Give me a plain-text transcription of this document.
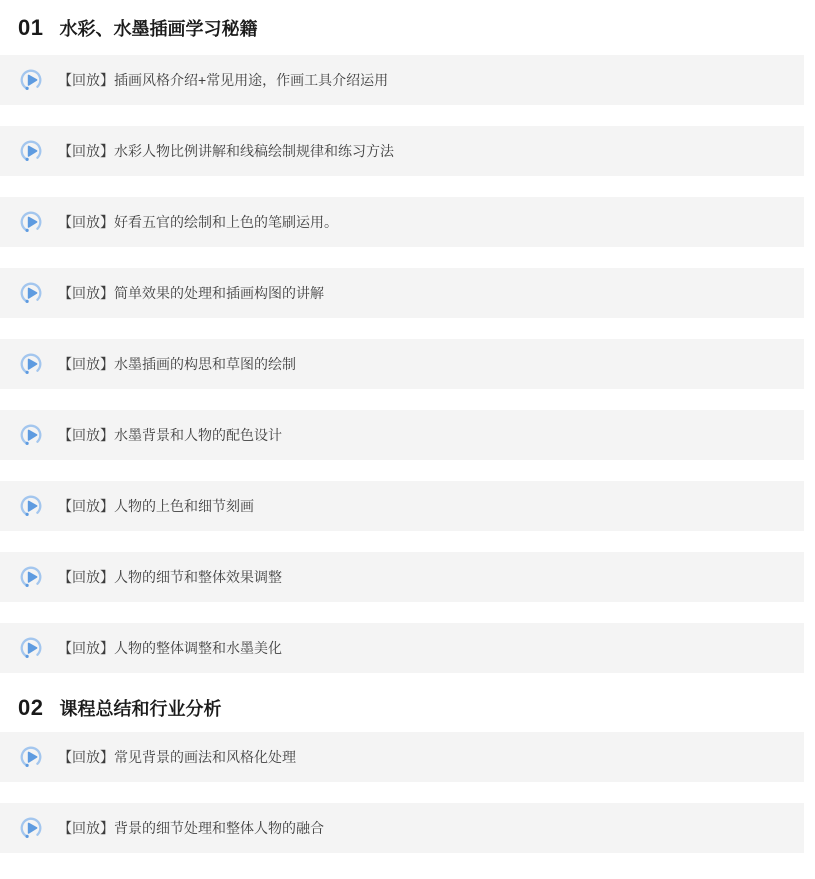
01 水彩、水墨插画学习秘籍
【回放】插画风格介绍+常见用途，作画工具介绍运用
【回放】水彩人物比例讲解和线稿绘制规律和练习方法
【回放】好看五官的绘制和上色的笔刷运用。
【回放】简单效果的处理和插画构图的讲解
【回放】水墨插画的构思和草图的绘制
【回放】水墨背景和人物的配色设计
【回放】人物的上色和细节刻画
【回放】人物的细节和整体效果调整
【回放】人物的整体调整和水墨美化
02 课程总结和行业分析
【回放】常见背景的画法和风格化处理
【回放】背景的细节处理和整体人物的融合
